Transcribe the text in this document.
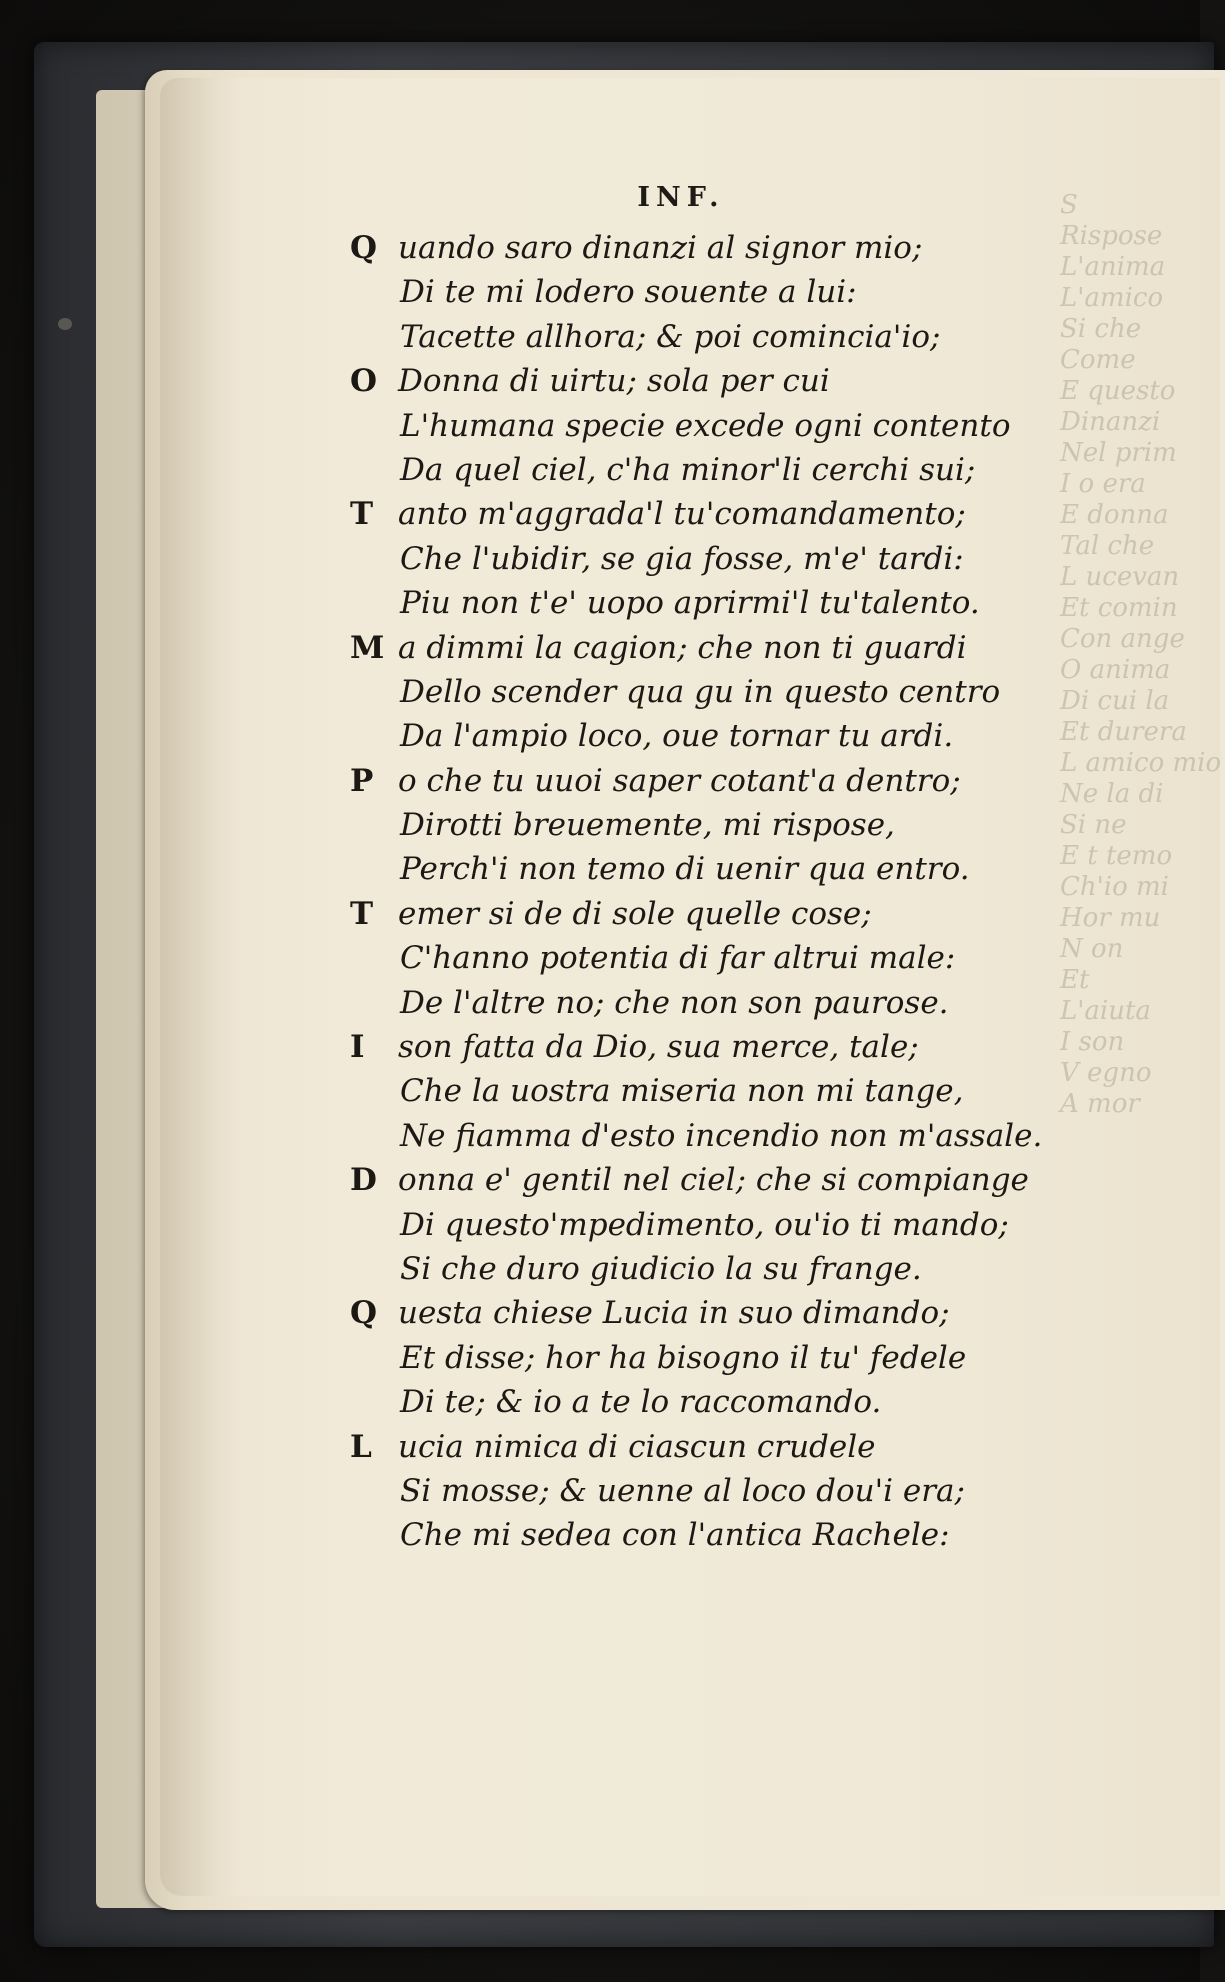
S
Rispose
L'anima
L'amico
Si che
Come
E questo
Dinanzi
Nel prim
I o era
E donna
Tal che
L ucevan
Et comin
Con ange
O anima
Di cui la
Et durera
L amico mio
Ne la di
Si ne
E t temo
Ch'io mi
Hor mu
N on
Et
L'aiuta
I son
V egno
A mor
INF.
Q uando saro dinanzi al signor mio;
Di te mi lodero souente a lui:
Tacette allhora; & poi comincia'io;
O Donna di uirtu; sola per cui
L'humana specie excede ogni contento
Da quel ciel, c'ha minor'li cerchi sui;
T anto m'aggrada'l tu'comandamento;
Che l'ubidir, se gia fosse, m'e' tardi:
Piu non t'e' uopo aprirmi'l tu'talento.
M a dimmi la cagion; che non ti guardi
Dello scender qua gu in questo centro
Da l'ampio loco, oue tornar tu ardi.
P o che tu uuoi saper cotant'a dentro;
Dirotti breuemente, mi rispose,
Perch'i non temo di uenir qua entro.
T emer si de di sole quelle cose;
C'hanno potentia di far altrui male:
De l'altre no; che non son paurose.
I son fatta da Dio, sua merce, tale;
Che la uostra miseria non mi tange,
Ne fiamma d'esto incendio non m'assale.
D onna e' gentil nel ciel; che si compiange
Di questo'mpedimento, ou'io ti mando;
Si che duro giudicio la su frange.
Q uesta chiese Lucia in suo dimando;
Et disse; hor ha bisogno il tu' fedele
Di te; & io a te lo raccomando.
L ucia nimica di ciascun crudele
Si mosse; & uenne al loco dou'i era;
Che mi sedea con l'antica Rachele:
